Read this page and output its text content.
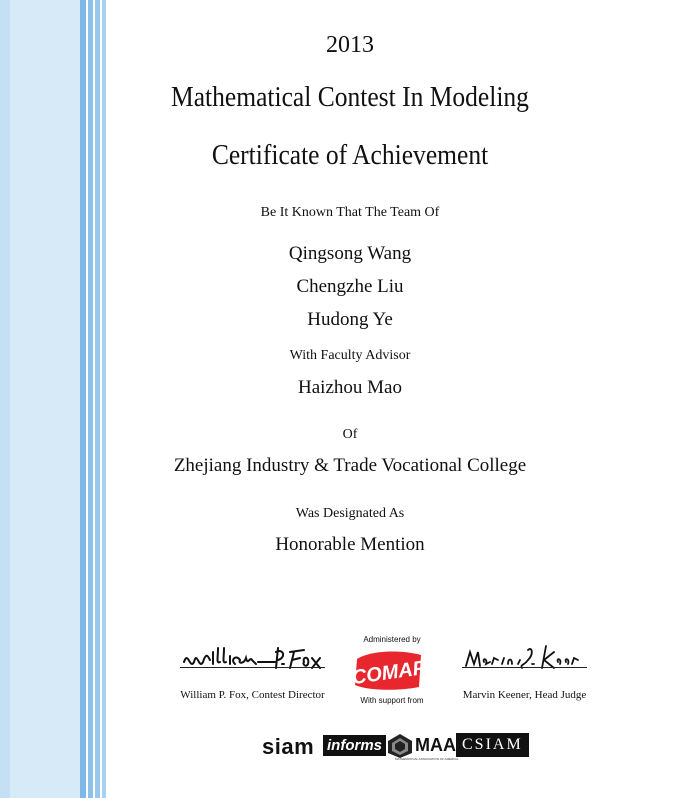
2013
Mathematical Contest In Modeling
Certificate of Achievement
Be It Known That The Team Of
Qingsong Wang
Chengzhe Liu
Hudong Ye
With Faculty Advisor
Haizhou Mao
Of
Zhejiang Industry & Trade Vocational College
Was Designated As
Honorable Mention
William P. Fox, Contest Director	Marvin Keener, Head Judge
Administered by
COMAP
With support from
siam informs MAA
MATHEMATICAL ASSOCIATION OF AMERICA
CSIAM
